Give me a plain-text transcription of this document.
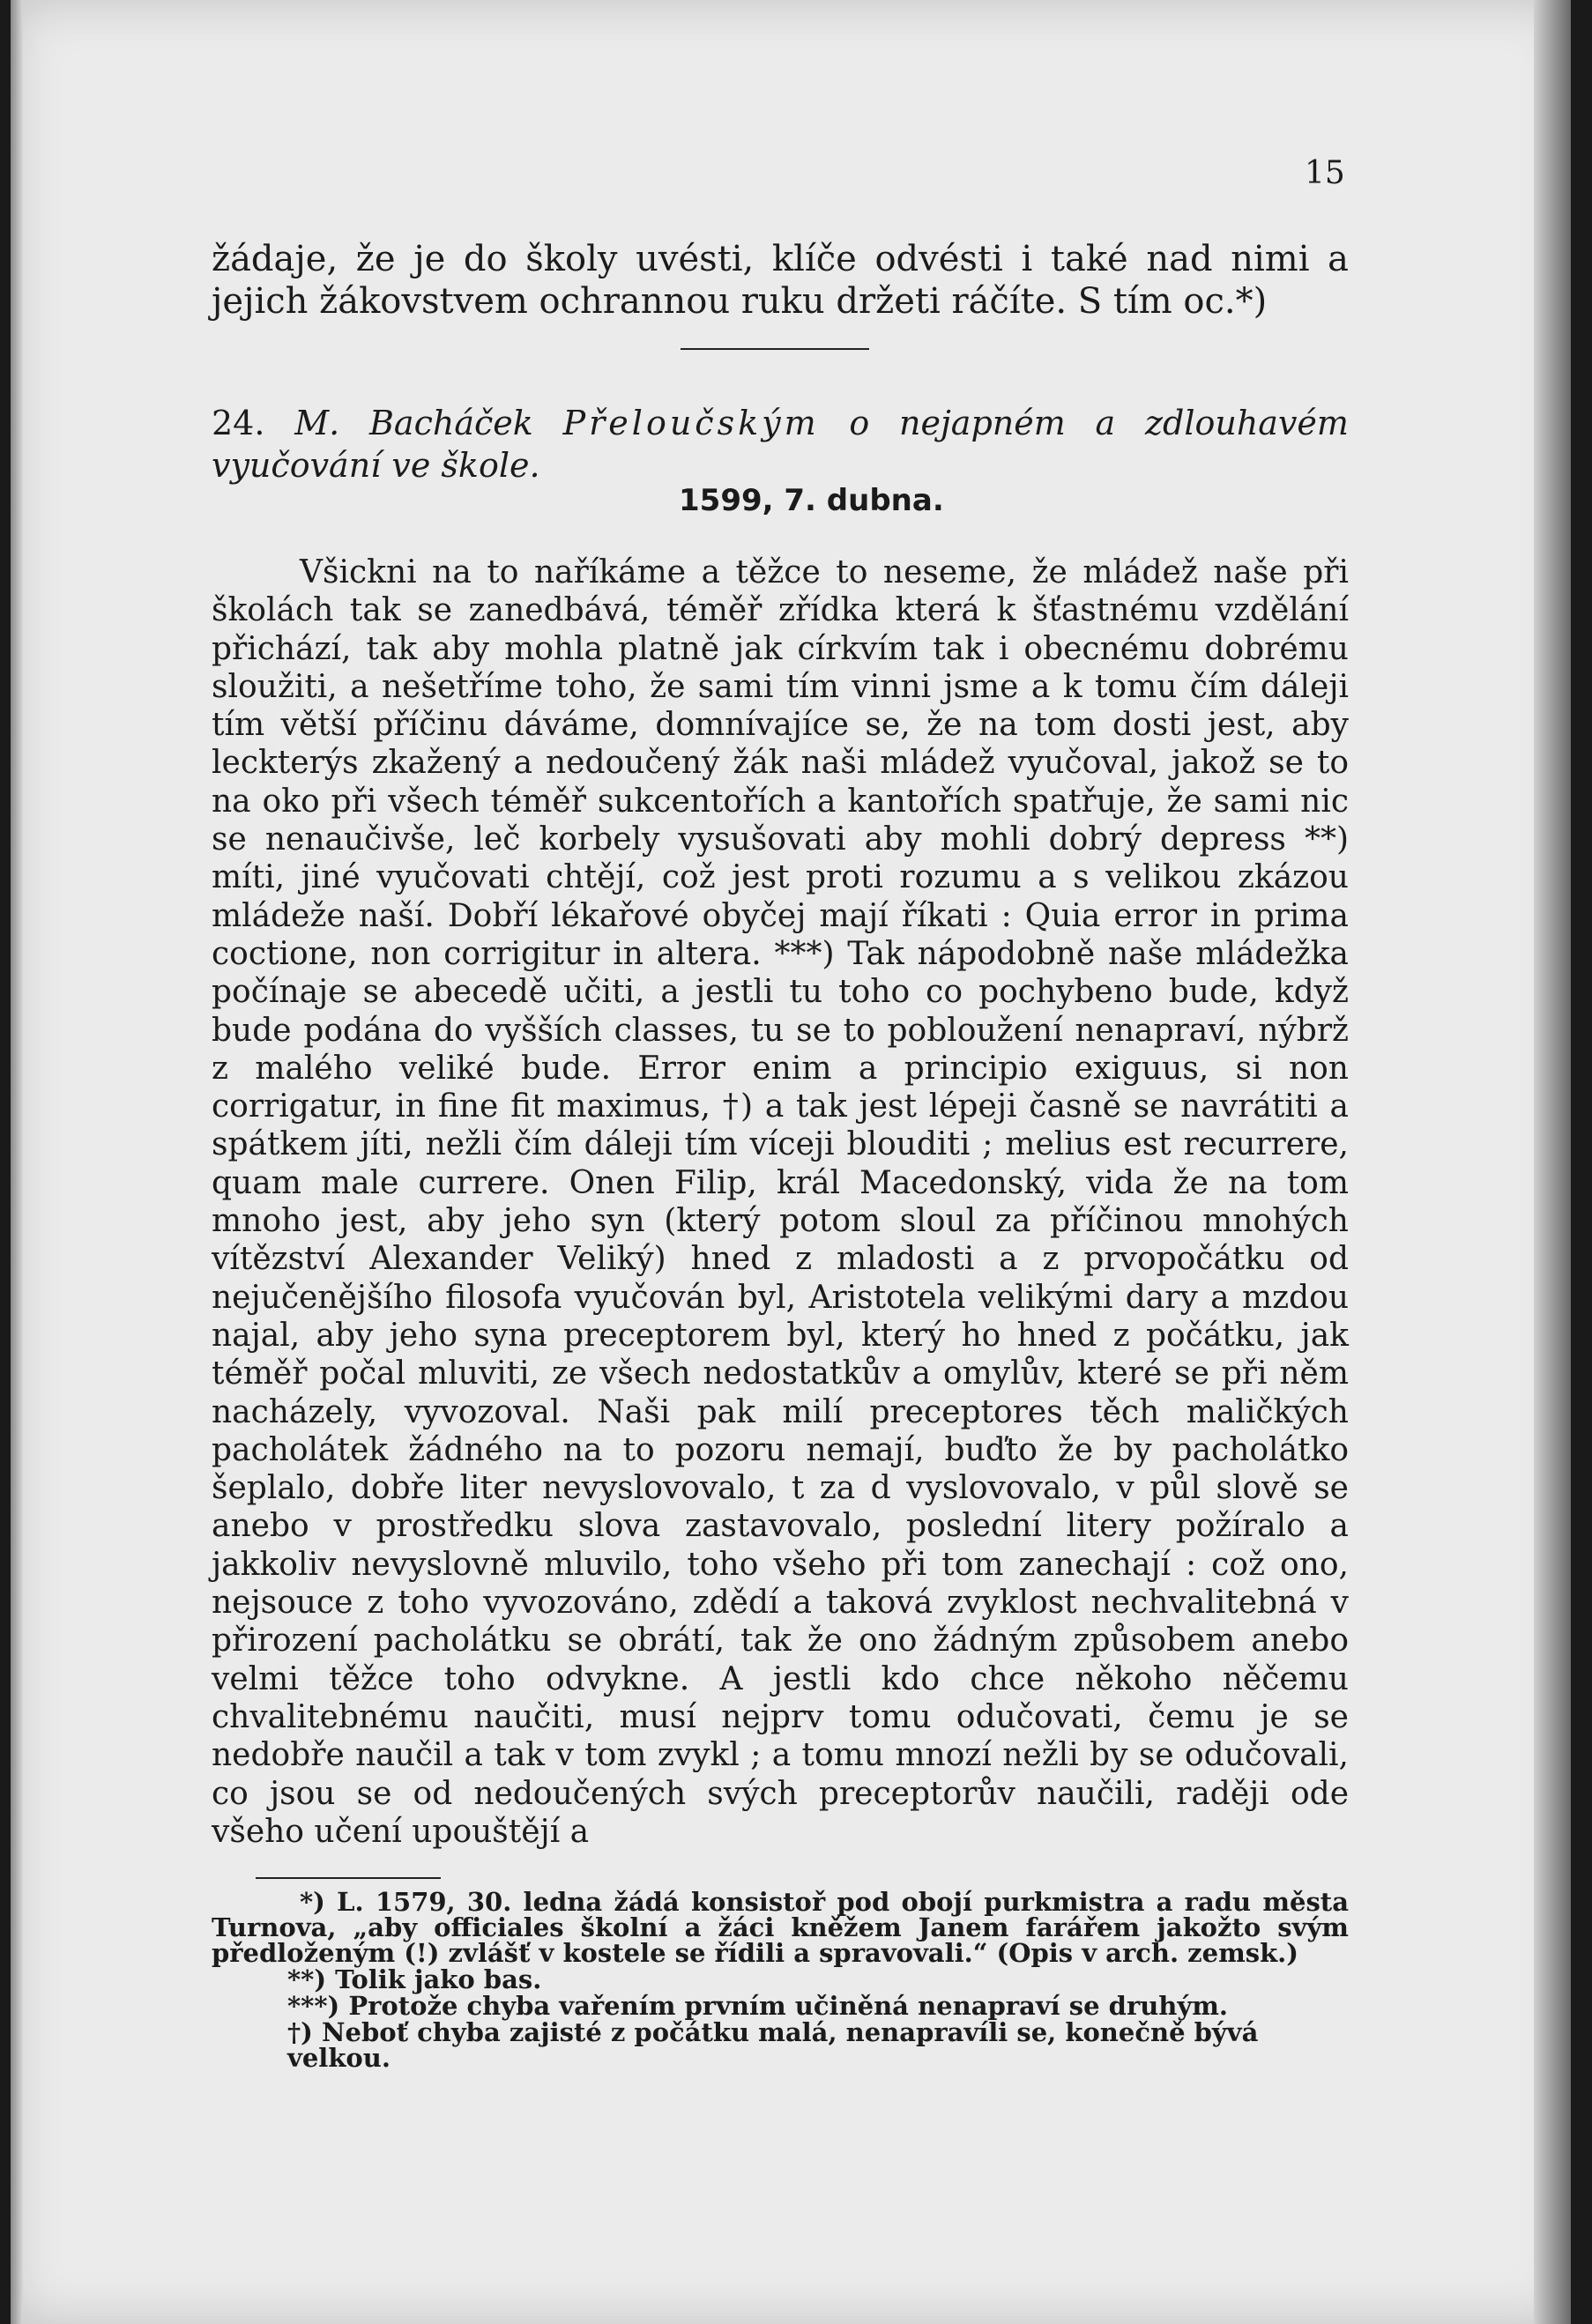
15
žádaje, že je do školy uvésti, klíče odvésti i také nad nimi a jejich žákovstvem ochrannou ruku držeti ráčíte. S tím oc.*)
24. M. Bacháček Přeloučským o nejapném a zdlouhavém vyučování ve škole.
1599, 7. dubna.

Všickni na to naříkáme a těžce to neseme, že mládež naše při školách tak se zanedbává, téměř zřídka která k šťastnému vzdělání přichází, tak aby mohla platně jak církvím tak i obecnému dobrému sloužiti, a nešetříme toho, že sami tím vinni jsme a k tomu čím dáleji tím větší příčinu dáváme, domnívajíce se, že na tom dosti jest, aby leckterýs zkažený a nedoučený žák naši mládež vyučoval, jakož se to na oko při všech téměř sukcentořích a kantořích spatřuje, že sami nic se nenaučivše, leč korbely vysušovati aby mohli dobrý depress **) míti, jiné vyučovati chtějí, což jest proti rozumu a s velikou zkázou mládeže naší. Dobří lékařové obyčej mají říkati : Quia error in prima coctione, non corrigitur in altera. ***) Tak nápodobně naše mládežka počínaje se abecedě učiti, a jestli tu toho co pochybeno bude, když bude podána do vyšších classes, tu se to pobloužení nenapraví, nýbrž z malého veliké bude. Error enim a principio exiguus, si non corrigatur, in fine fit maximus, †) a tak jest lépeji časně se navrátiti a spátkem jíti, nežli čím dáleji tím víceji blouditi ; melius est recurrere, quam male currere. Onen Filip, král Macedonský, vida že na tom mnoho jest, aby jeho syn (který potom sloul za příčinou mnohých vítězství Alexander Veliký) hned z mladosti a z prvopočátku od nejučenějšího filosofa vyučován byl, Aristotela velikými dary a mzdou najal, aby jeho syna preceptorem byl, který ho hned z počátku, jak téměř počal mluviti, ze všech nedostatkův a omylův, které se při něm nacházely, vyvozoval. Naši pak milí preceptores těch maličkých pacholátek žádného na to pozoru nemají, buďto že by pacholátko šeplalo, dobře liter nevyslovovalo, t za d vyslovovalo, v půl slově se anebo v prostředku slova zastavovalo, poslední litery požíralo a jakkoliv nevyslovně mluvilo, toho všeho při tom zanechají : což ono, nejsouce z toho vyvozováno, zdědí a taková zvyklost nechvalitebná v přirození pacholátku se obrátí, tak že ono žádným způsobem anebo velmi těžce toho odvykne. A jestli kdo chce někoho něčemu chvalitebnému naučiti, musí nejprv tomu odučovati, čemu je se nedobře naučil a tak v tom zvykl ; a tomu mnozí nežli by se odučovali, co jsou se od nedoučených svých preceptorův naučili, raději ode všeho učení upouštějí a

*) L. 1579, 30. ledna žádá konsistoř pod obojí purkmistra a radu města Turnova, „aby officiales školní a žáci kněžem Janem farářem jakožto svým předloženým (!) zvlášť v kostele se řídili a spravovali.“ (Opis v arch. zemsk.)
**) Tolik jako bas.
***) Protože chyba vařením prvním učiněná nenapraví se druhým.
†) Neboť chyba zajisté z počátku malá, nenapravíli se, konečně bývá velkou.
